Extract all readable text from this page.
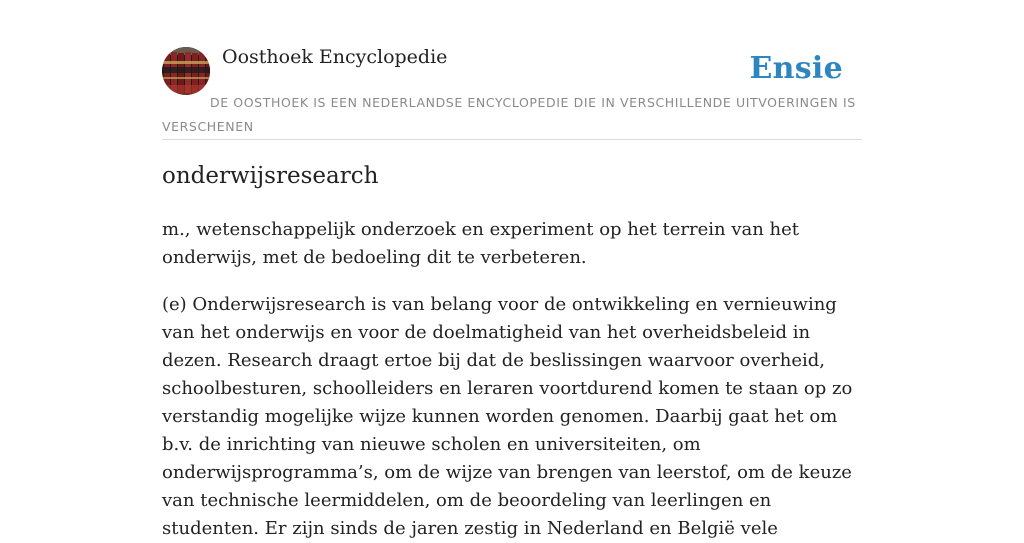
Oosthoek Encyclopedie	Ensie
DE OOSTHOEK IS EEN NEDERLANDSE ENCYCLOPEDIE DIE IN VERSCHILLENDE UITVOERINGEN IS VERSCHENEN
onderwijsresearch

m., wetenschappelijk onderzoek en experiment op het terrein van het onderwijs, met de bedoeling dit te verbeteren.

(e) Onderwijsresearch is van belang voor de ontwikkeling en vernieuwing van het onderwijs en voor de doelmatigheid van het overheidsbeleid in dezen. Research draagt ertoe bij dat de beslissingen waarvoor overheid, schoolbesturen, schoolleiders en leraren voortdurend komen te staan op zo verstandig mogelijke wijze kunnen worden genomen. Daarbij gaat het om b.v. de inrichting van nieuwe scholen en universiteiten, om onderwijsprogramma’s, om de wijze van brengen van leerstof, om de keuze van technische leermiddelen, om de beoordeling van leerlingen en studenten. Er zijn sinds de jaren zestig in Nederland en België vele
